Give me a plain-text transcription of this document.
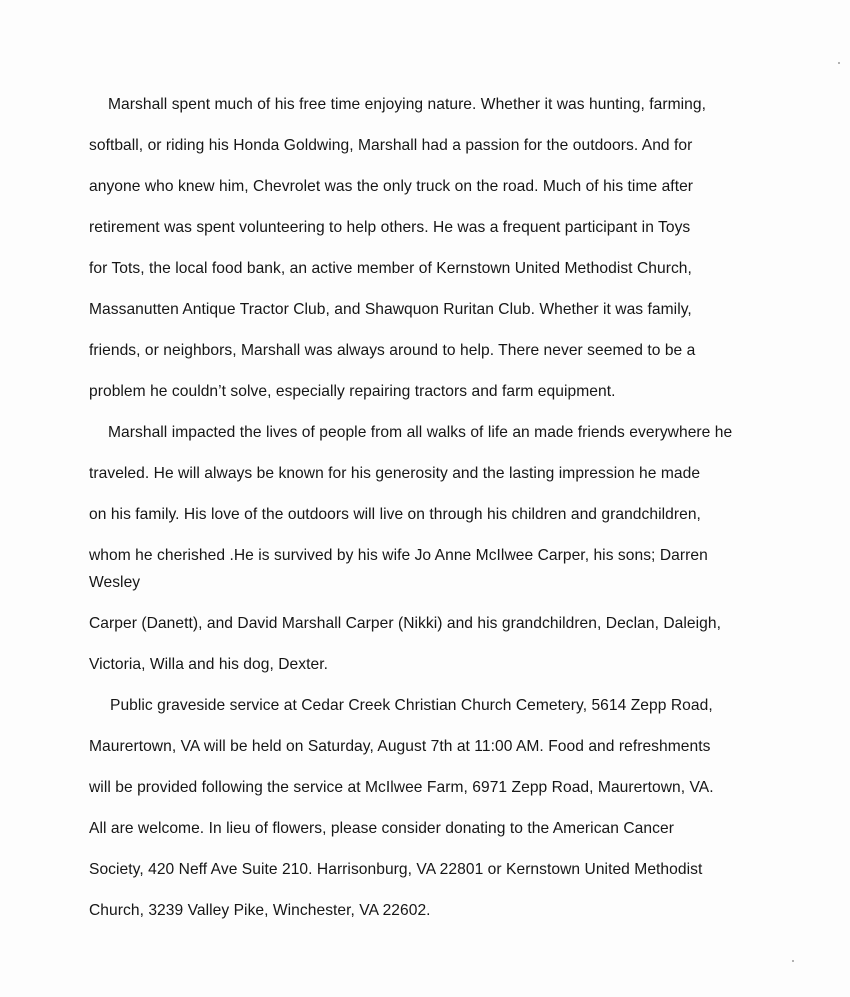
Marshall spent much of his free time enjoying nature. Whether it was hunting, farming,
softball, or riding his Honda Goldwing, Marshall had a passion for the outdoors. And for
anyone who knew him, Chevrolet was the only truck on the road. Much of his time after
retirement was spent volunteering to help others. He was a frequent participant in Toys
for Tots, the local food bank, an active member of Kernstown United Methodist Church,
Massanutten Antique Tractor Club, and Shawquon Ruritan Club. Whether it was family,
friends, or neighbors, Marshall was always around to help. There never seemed to be a
problem he couldn’t solve, especially repairing tractors and farm equipment.
Marshall impacted the lives of people from all walks of life an made friends everywhere he
traveled. He will always be known for his generosity and the lasting impression he made
on his family. His love of the outdoors will live on through his children and grandchildren,
whom he cherished .He is survived by his wife Jo Anne McIlwee Carper, his sons; Darren
Wesley
Carper (Danett), and David Marshall Carper (Nikki) and his grandchildren, Declan, Daleigh,
Victoria, Willa and his dog, Dexter.
Public graveside service at Cedar Creek Christian Church Cemetery, 5614 Zepp Road,
Maurertown, VA will be held on Saturday, August 7th at 11:00 AM. Food and refreshments
will be provided following the service at McIlwee Farm, 6971 Zepp Road, Maurertown, VA.
All are welcome. In lieu of flowers, please consider donating to the American Cancer
Society, 420 Neff Ave Suite 210. Harrisonburg, VA 22801 or Kernstown United Methodist
Church, 3239 Valley Pike, Winchester, VA 22602.
